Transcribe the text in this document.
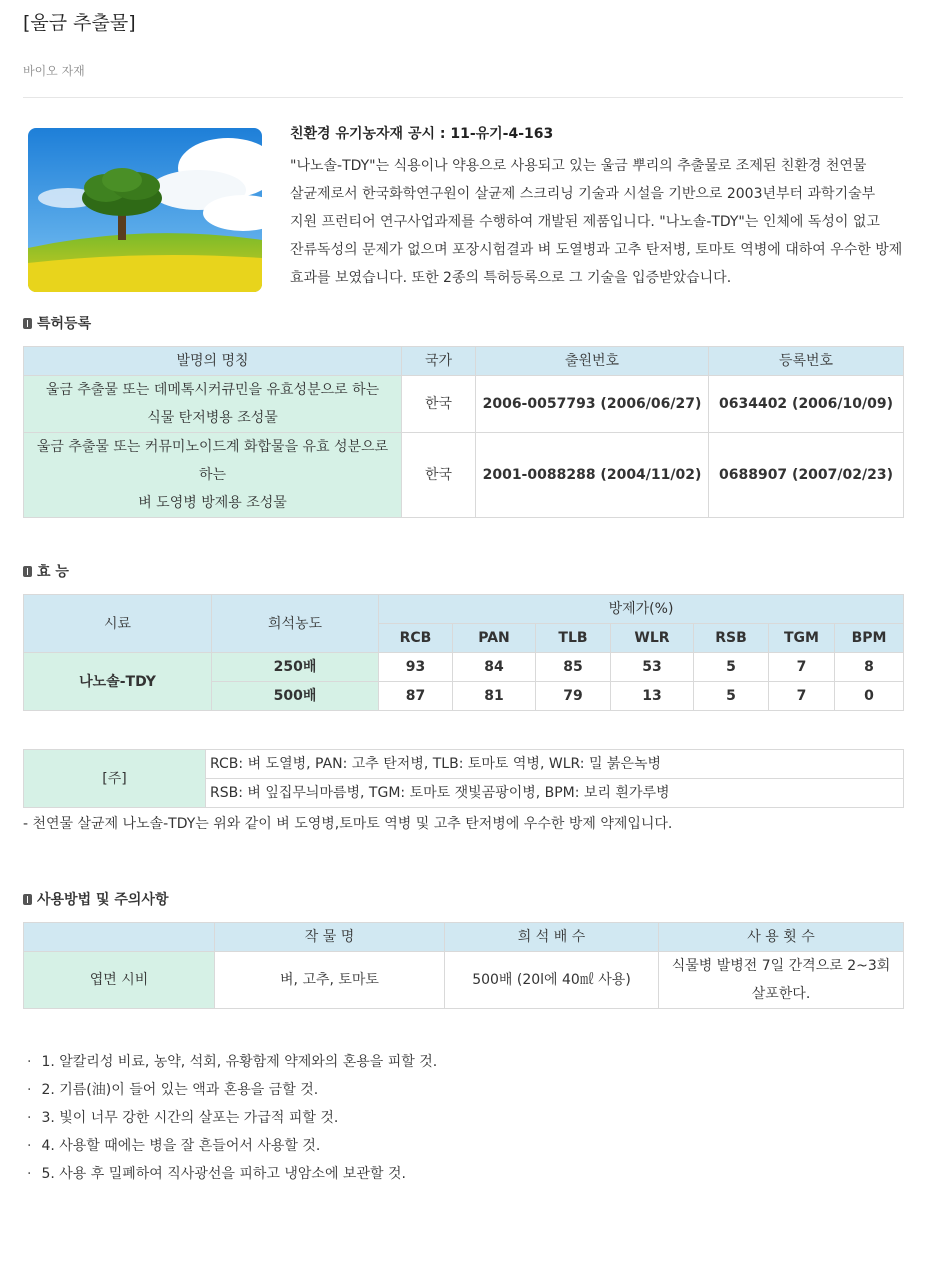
[울금 추출물]
바이오 자재

친환경 유기농자재 공시 : 11-유기-4-163

"나노솔-TDY"는 식용이나 약용으로 사용되고 있는 울금 뿌리의 추출물로 조제된 친환경 천연물 살균제로서 한국화학연구원이 살균제 스크리닝 기술과 시설을 기반으로 2003년부터 과학기술부 지원 프런티어 연구사업과제를 수행하여 개발된 제품입니다. "나노솔-TDY"는 인체에 독성이 없고 잔류독성의 문제가 없으며 포장시험결과 벼 도열병과 고추 탄저병, 토마토 역병에 대하여 우수한 방제 효과를 보였습니다. 또한 2종의 특허등록으로 그 기술을 입증받았습니다.

특허등록
발명의 명칭	국가	출원번호	등록번호

울금 추출물 또는 데메톡시커큐민을 유효성분으로 하는
식물 탄저병용 조성물	한국	2006-0057793 (2006/06/27)	0634402 (2006/10/09)

울금 추출물 또는 커뮤미노이드계 화합물을 유효 성분으로
하는
벼 도영병 방제용 조성물	한국	2001-0088288 (2004/11/02)	0688907 (2007/02/23)
효 능
시료	희석농도	방제가(%)						
		RCB	PAN	TLB	WLR	RSB	TGM	BPM
나노솔-TDY	250배	93	84	85	53	5	7	8
	500배	87	81	79	13	5	7	0
[주]	RCB: 벼 도열병, PAN: 고추 탄저병, TLB: 토마토 역병, WLR: 밀 붉은녹병
RSB: 벼 잎집무늬마름병, TGM: 토마토 잿빛곰팡이병, BPM: 보리 흰가루병
- 천연물 살균제 나노솔-TDY는 위와 같이 벼 도영병,토마토 역병 및 고추 탄저병에 우수한 방제 약제입니다.
사용방법 및 주의사항
	작 물 명	희 석 배 수	사 용 횟 수
엽면 시비	벼, 고추, 토마토	500배 (20l에 40㎖ 사용)	식물병 발병전 7일 간격으로 2~3회
살포한다.
· 1. 알칼리성 비료, 농약, 석회, 유황함제 약제와의 혼용을 피할 것.
· 2. 기름(油)이 들어 있는 액과 혼용을 금할 것.
· 3. 빛이 너무 강한 시간의 살포는 가급적 피할 것.
· 4. 사용할 때에는 병을 잘 흔들어서 사용할 것.
· 5. 사용 후 밀폐하여 직사광선을 피하고 냉암소에 보관할 것.
